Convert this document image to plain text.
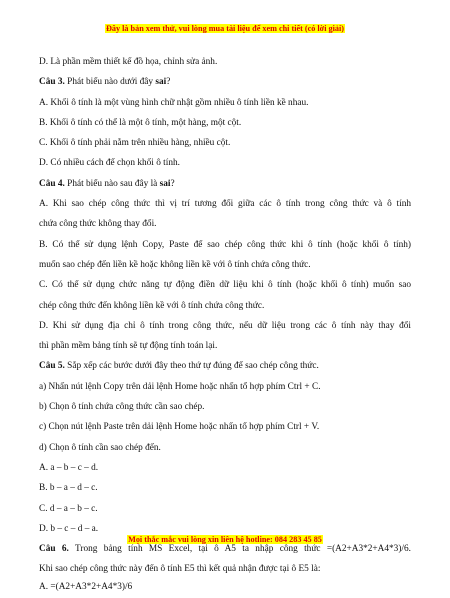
Đây là bản xem thử, vui lòng mua tài liệu để xem chi tiết (có lời giải)
D. Là phần mềm thiết kế đồ họa, chỉnh sửa ảnh.
Câu 3. Phát biểu nào dưới đây sai?
A. Khối ô tính là một vùng hình chữ nhật gồm nhiều ô tính liền kề nhau.
B. Khối ô tính có thể là một ô tính, một hàng, một cột.
C. Khối ô tính phải nằm trên nhiều hàng, nhiều cột.
D. Có nhiều cách để chọn khối ô tính.
Câu 4. Phát biểu nào sau đây là sai?
A. Khi sao chép công thức thì vị trí tương đối giữa các ô tính trong công thức và ô tính
chứa công thức không thay đổi.
B. Có thể sử dụng lệnh Copy, Paste để sao chép công thức khi ô tính (hoặc khối ô tính)
muốn sao chép đến liền kề hoặc không liền kề với ô tính chứa công thức.
C. Có thể sử dụng chức năng tự động điền dữ liệu khi ô tính (hoặc khối ô tính) muốn sao
chép công thức đến không liền kề với ô tính chứa công thức.
D. Khi sử dụng địa chỉ ô tính trong công thức, nếu dữ liệu trong các ô tính này thay đổi
thì phần mềm bảng tính sẽ tự động tính toán lại.
Câu 5. Sắp xếp các bước dưới đây theo thứ tự đúng để sao chép công thức.
a) Nhấn nút lệnh Copy trên dải lệnh Home hoặc nhấn tổ hợp phím Ctrl + C.
b) Chọn ô tính chứa công thức cần sao chép.
c) Chọn nút lệnh Paste trên dải lệnh Home hoặc nhấn tổ hợp phím Ctrl + V.
d) Chọn ô tính cần sao chép đến.
A. a – b – c – d.
B. b – a – d – c.
C. d – a – b – c.
D. b – c – d – a.
Câu 6. Trong bảng tính MS Excel, tại ô A5 ta nhập công thức =(A2+A3*2+A4*3)/6.
Khi sao chép công thức này đến ô tính E5 thì kết quả nhận được tại ô E5 là:
A. =(A2+A3*2+A4*3)/6
Mọi thắc mắc vui lòng xin liên hệ hotline: 084 283 45 85
